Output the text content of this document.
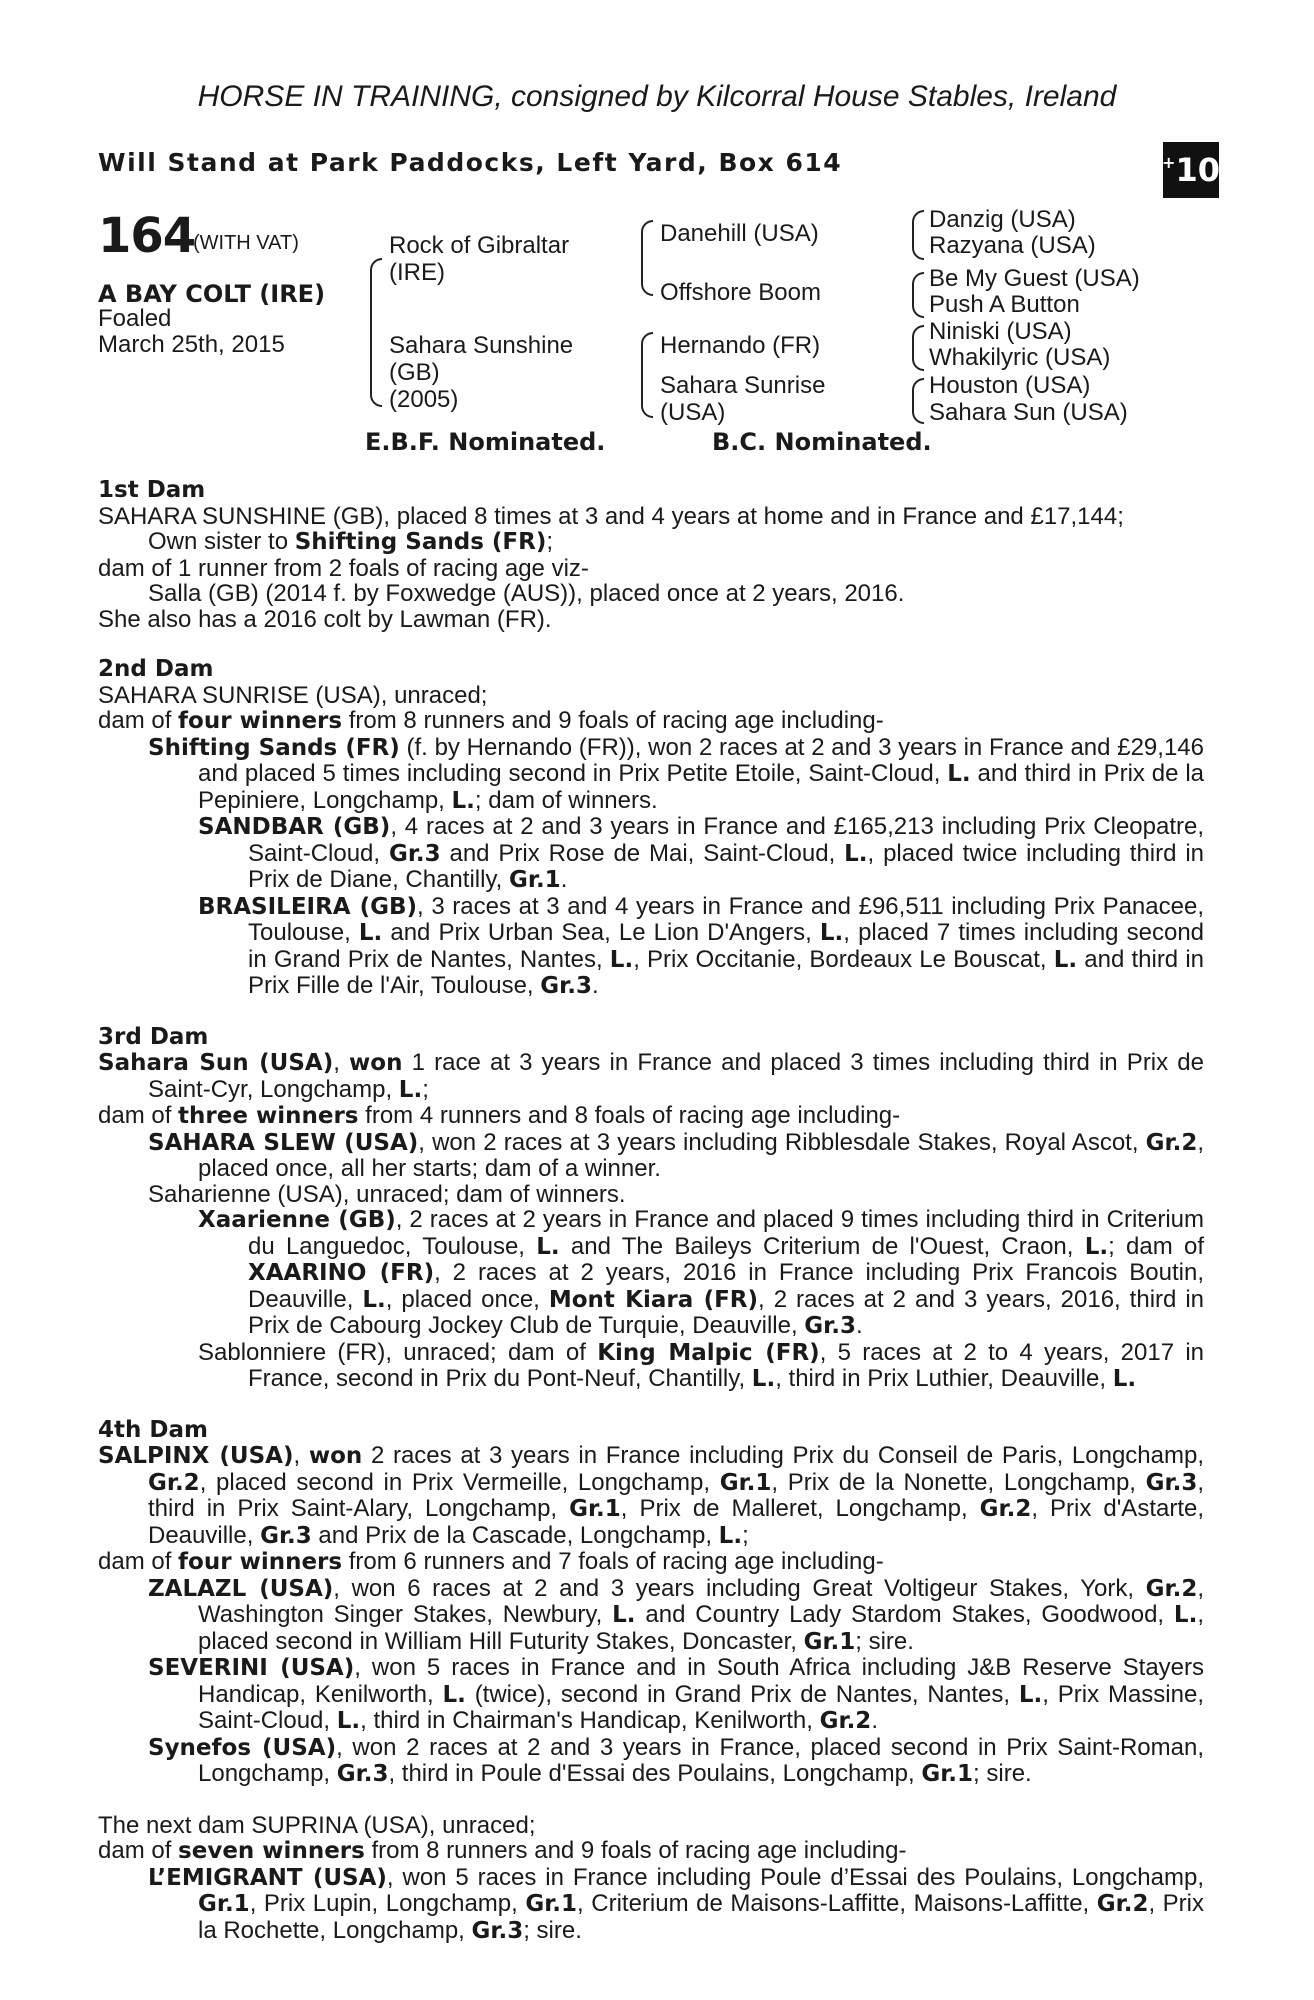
HORSE IN TRAINING, consigned by Kilcorral House Stables, Ireland
Will Stand at Park Paddocks, Left Yard, Box 614	+ 10
164
(WITH VAT)
A BAY COLT (IRE)
Foaled
March 25th, 2015
Rock of Gibraltar
(IRE)
Sahara Sunshine
(GB)
(2005)
Danehill (USA)
Offshore Boom
Hernando (FR)
Sahara Sunrise
(USA)
Danzig (USA)
Razyana (USA)
Be My Guest (USA)
Push A Button
Niniski (USA)
Whakilyric (USA)
Houston (USA)
Sahara Sun (USA)
E.B.F. Nominated.	B.C. Nominated.
1st Dam

SAHARA SUNSHINE (GB), placed 8 times at 3 and 4 years at home and in France and £17,144;

Own sister to Shifting Sands (FR);

dam of 1 runner from 2 foals of racing age viz-

Salla (GB) (2014 f. by Foxwedge (AUS)), placed once at 2 years, 2016.

She also has a 2016 colt by Lawman (FR).

2nd Dam

SAHARA SUNRISE (USA), unraced;

dam of four winners from 8 runners and 9 foals of racing age including-

Shifting Sands (FR) (f. by Hernando (FR)), won 2 races at 2 and 3 years in France and £29,146 and placed 5 times including second in Prix Petite Etoile, Saint-Cloud, L. and third in Prix de la Pepiniere, Longchamp, L.; dam of winners.

SANDBAR (GB), 4 races at 2 and 3 years in France and £165,213 including Prix Cleopatre, Saint-Cloud, Gr.3 and Prix Rose de Mai, Saint-Cloud, L., placed twice including third in Prix de Diane, Chantilly, Gr.1.

BRASILEIRA (GB), 3 races at 3 and 4 years in France and £96,511 including Prix Panacee, Toulouse, L. and Prix Urban Sea, Le Lion D'Angers, L., placed 7 times including second in Grand Prix de Nantes, Nantes, L., Prix Occitanie, Bordeaux Le Bouscat, L. and third in Prix Fille de l'Air, Toulouse, Gr.3.

3rd Dam

Sahara Sun (USA), won 1 race at 3 years in France and placed 3 times including third in Prix de Saint-Cyr, Longchamp, L.;

dam of three winners from 4 runners and 8 foals of racing age including-

SAHARA SLEW (USA), won 2 races at 3 years including Ribblesdale Stakes, Royal Ascot, Gr.2, placed once, all her starts; dam of a winner.

Saharienne (USA), unraced; dam of winners.

Xaarienne (GB), 2 races at 2 years in France and placed 9 times including third in Criterium du Languedoc, Toulouse, L. and The Baileys Criterium de l'Ouest, Craon, L.; dam of XAARINO (FR), 2 races at 2 years, 2016 in France including Prix Francois Boutin, Deauville, L., placed once, Mont Kiara (FR), 2 races at 2 and 3 years, 2016, third in Prix de Cabourg Jockey Club de Turquie, Deauville, Gr.3.

Sablonniere (FR), unraced; dam of King Malpic (FR), 5 races at 2 to 4 years, 2017 in France, second in Prix du Pont-Neuf, Chantilly, L., third in Prix Luthier, Deauville, L.

4th Dam

SALPINX (USA), won 2 races at 3 years in France including Prix du Conseil de Paris, Longchamp, Gr.2, placed second in Prix Vermeille, Longchamp, Gr.1, Prix de la Nonette, Longchamp, Gr.3, third in Prix Saint-Alary, Longchamp, Gr.1, Prix de Malleret, Longchamp, Gr.2, Prix d'Astarte, Deauville, Gr.3 and Prix de la Cascade, Longchamp, L.;

dam of four winners from 6 runners and 7 foals of racing age including-

ZALAZL (USA), won 6 races at 2 and 3 years including Great Voltigeur Stakes, York, Gr.2, Washington Singer Stakes, Newbury, L. and Country Lady Stardom Stakes, Goodwood, L., placed second in William Hill Futurity Stakes, Doncaster, Gr.1; sire.

SEVERINI (USA), won 5 races in France and in South Africa including J&B Reserve Stayers Handicap, Kenilworth, L. (twice), second in Grand Prix de Nantes, Nantes, L., Prix Massine, Saint-Cloud, L., third in Chairman's Handicap, Kenilworth, Gr.2.

Synefos (USA), won 2 races at 2 and 3 years in France, placed second in Prix Saint-Roman, Longchamp, Gr.3, third in Poule d'Essai des Poulains, Longchamp, Gr.1; sire.

The next dam SUPRINA (USA), unraced;

dam of seven winners from 8 runners and 9 foals of racing age including-

L’EMIGRANT (USA), won 5 races in France including Poule d’Essai des Poulains, Longchamp, Gr.1, Prix Lupin, Longchamp, Gr.1, Criterium de Maisons-Laffitte, Maisons-Laffitte, Gr.2, Prix la Rochette, Longchamp, Gr.3; sire.
